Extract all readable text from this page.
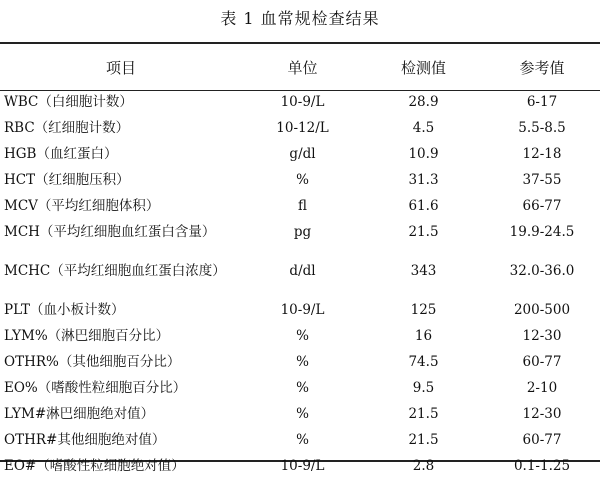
表 1 血常规检查结果
项目	单位	检测值	参考值
WBC（白细胞计数）	10-9/L	28.9	6-17
RBC（红细胞计数）	10-12/L	4.5	5.5-8.5
HGB（血红蛋白）	g/dl	10.9	12-18
HCT（红细胞压积）	%	31.3	37-55
MCV（平均红细胞体积）	fl	61.6	66-77
MCH（平均红细胞血红蛋白含量）	pg	21.5	19.9-24.5
MCHC（平均红细胞血红蛋白浓度）	d/dl	343	32.0-36.0
PLT（血小板计数）	10-9/L	125	200-500
LYM%（淋巴细胞百分比）	%	16	12-30
OTHR%（其他细胞百分比）	%	74.5	60-77
EO%（嗜酸性粒细胞百分比）	%	9.5	2-10
LYM#淋巴细胞绝对值）	%	21.5	12-30
OTHR#其他细胞绝对值）	%	21.5	60-77
EO#（嗜酸性粒细胞绝对值）	10-9/L	2.8	0.1-1.25
